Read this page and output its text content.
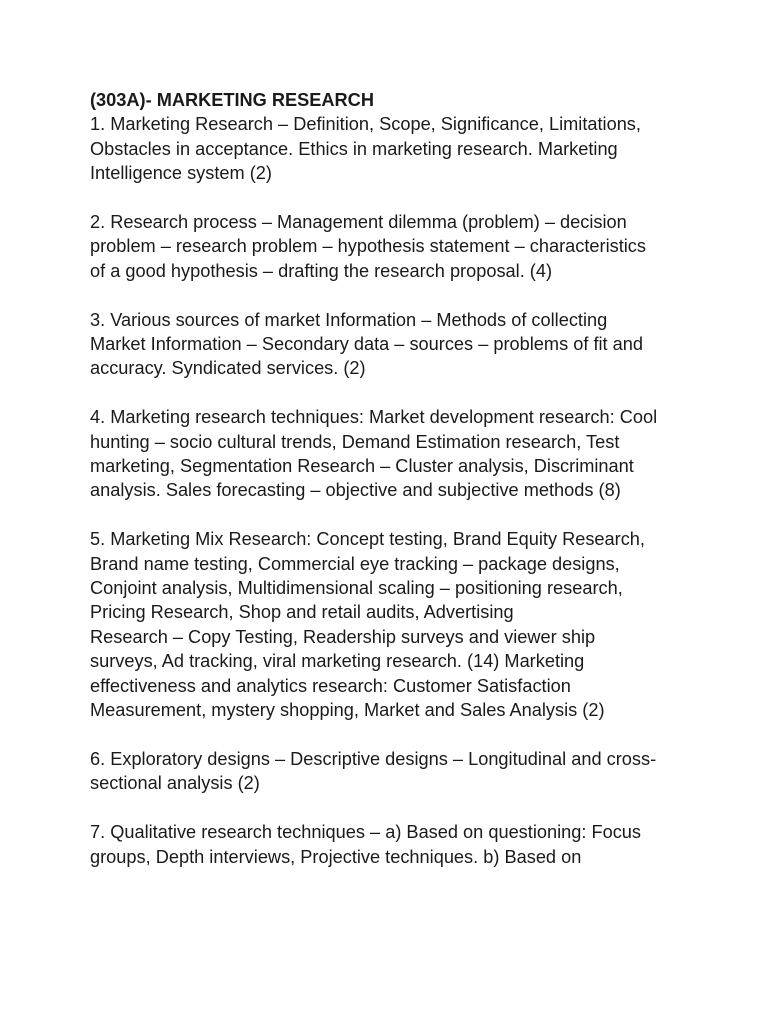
(303A)- MARKETING RESEARCH
1. Marketing Research – Definition, Scope, Significance, Limitations,
Obstacles in acceptance. Ethics in marketing research. Marketing
Intelligence system (2)
2. Research process – Management dilemma (problem) – decision
problem – research problem – hypothesis statement – characteristics
of a good hypothesis – drafting the research proposal. (4)
3. Various sources of market Information – Methods of collecting
Market Information – Secondary data – sources – problems of fit and
accuracy. Syndicated services. (2)
4. Marketing research techniques: Market development research: Cool
hunting – socio cultural trends, Demand Estimation research, Test
marketing, Segmentation Research – Cluster analysis, Discriminant
analysis. Sales forecasting – objective and subjective methods (8)
5. Marketing Mix Research: Concept testing, Brand Equity Research,
Brand name testing, Commercial eye tracking – package designs,
Conjoint analysis, Multidimensional scaling – positioning research,
Pricing Research, Shop and retail audits, Advertising
Research – Copy Testing, Readership surveys and viewer ship
surveys, Ad tracking, viral marketing research. (14) Marketing
effectiveness and analytics research: Customer Satisfaction
Measurement, mystery shopping, Market and Sales Analysis (2)
6. Exploratory designs – Descriptive designs – Longitudinal and cross-
sectional analysis (2)
7. Qualitative research techniques – a) Based on questioning: Focus
groups, Depth interviews, Projective techniques. b) Based on
